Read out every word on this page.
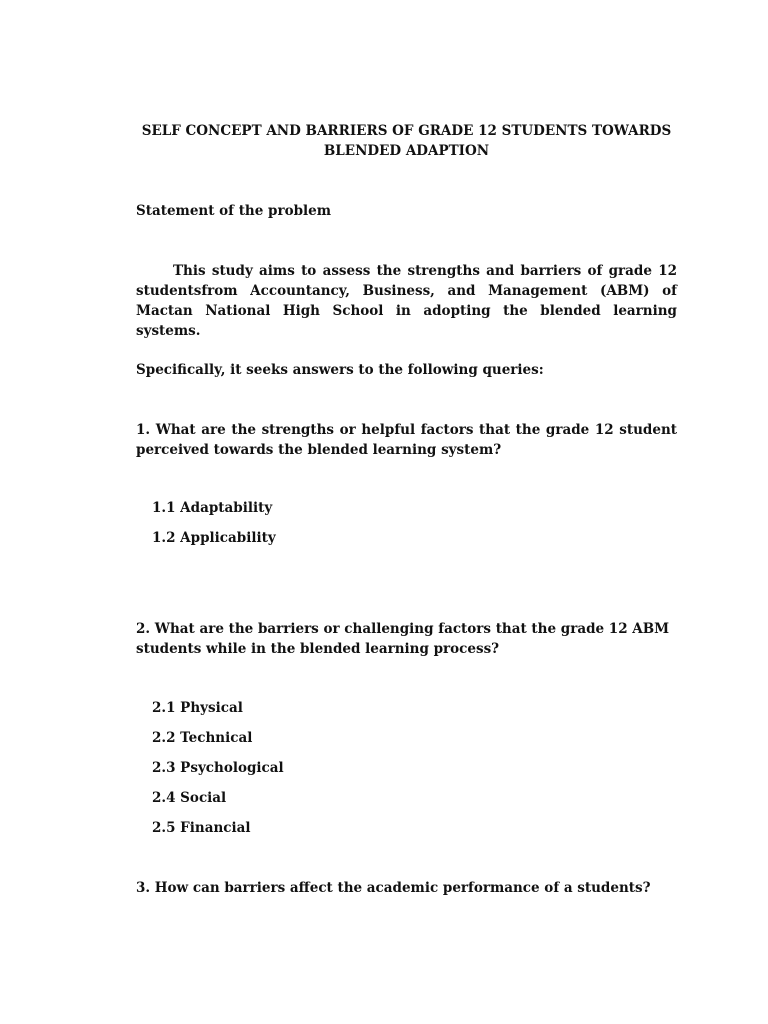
SELF CONCEPT AND BARRIERS OF GRADE 12 STUDENTS TOWARDS BLENDED ADAPTION

Statement of the problem

This study aims to assess the strengths and barriers of grade 12 studentsfrom Accountancy, Business, and Management (ABM) of Mactan National High School in adopting the blended learning systems.

Specifically, it seeks answers to the following queries:

1. What are the strengths or helpful factors that the grade 12 student perceived towards the blended learning system?

1.1 Adaptability

1.2 Applicability

2. What are the barriers or challenging factors that the grade 12 ABM students while in the blended learning process?

2.1 Physical

2.2 Technical

2.3 Psychological

2.4 Social

2.5 Financial

3. How can barriers affect the academic performance of a students?
